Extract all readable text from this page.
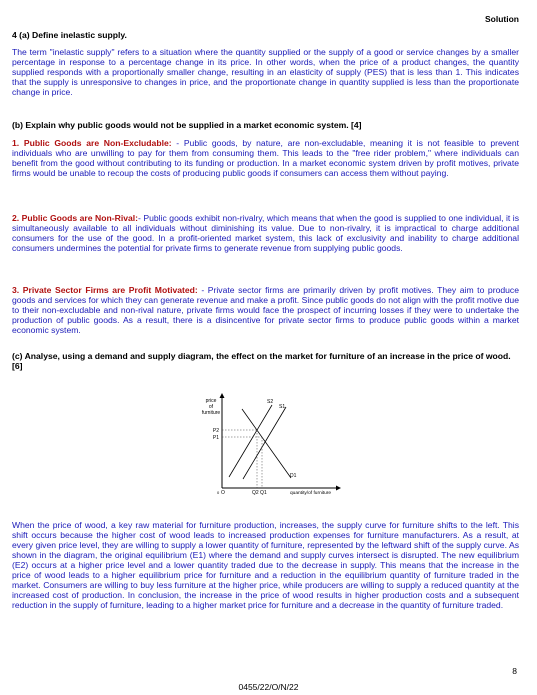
Solution
4 (a) Define inelastic supply.

The term "inelastic supply" refers to a situation where the quantity supplied or the supply of a good or service changes by a smaller percentage in response to a percentage change in its price. In other words, when the price of a product changes, the quantity supplied responds with a proportionally smaller change, resulting in an elasticity of supply (PES) that is less than 1. This indicates that the supply is unresponsive to changes in price, and the proportionate change in quantity supplied is less than the proportionate change in price.

(b) Explain why public goods would not be supplied in a market economic system. [4]

1. Public Goods are Non-Excludable: - Public goods, by nature, are non-excludable, meaning it is not feasible to prevent individuals who are unwilling to pay for them from consuming them. This leads to the "free rider problem," where individuals can benefit from the good without contributing to its funding or production. In a market economic system driven by profit motives, private firms would be unable to recoup the costs of producing public goods if consumers can access them without paying.

2. Public Goods are Non-Rival:- Public goods exhibit non-rivalry, which means that when the good is supplied to one individual, it is simultaneously available to all individuals without diminishing its value. Due to non-rivalry, it is impractical to charge additional consumers for the use of the good. In a profit-oriented market system, this lack of exclusivity and inability to charge additional consumers undermines the potential for private firms to generate revenue from supplying public goods.

3. Private Sector Firms are Profit Motivated: - Private sector firms are primarily driven by profit motives. They aim to produce goods and services for which they can generate revenue and make a profit. Since public goods do not align with the profit motive due to their non-excludable and non-rival nature, private firms would face the prospect of incurring losses if they were to undertake the production of public goods. As a result, there is a disincentive for private sector firms to produce public goods within a market economic system.

(c) Analyse, using a demand and supply diagram, the effect on the market for furniture of an increase in the price of wood.[6]
price
of
furniture
P2
P1
S2
S1
D1
Q2 Q1	quantity/of furniture
0 O

When the price of wood, a key raw material for furniture production, increases, the supply curve for furniture shifts to the left. This shift occurs because the higher cost of wood leads to increased production expenses for furniture manufacturers. As a result, at every given price level, they are willing to supply a lower quantity of furniture, represented by the leftward shift of the supply curve. As shown in the diagram, the original equilibrium (E1) where the demand and supply curves intersect is disrupted. The new equilibrium (E2) occurs at a higher price level and a lower quantity traded due to the decrease in supply. This means that the increase in the price of wood leads to a higher equilibrium price for furniture and a reduction in the equilibrium quantity of furniture traded in the market. Consumers are willing to buy less furniture at the higher price, while producers are willing to supply a reduced quantity at the increased cost of production. In conclusion, the increase in the price of wood results in higher production costs and a subsequent reduction in the supply of furniture, leading to a higher market price for furniture and a decrease in the quantity of furniture traded.

8
0455/22/O/N/22
